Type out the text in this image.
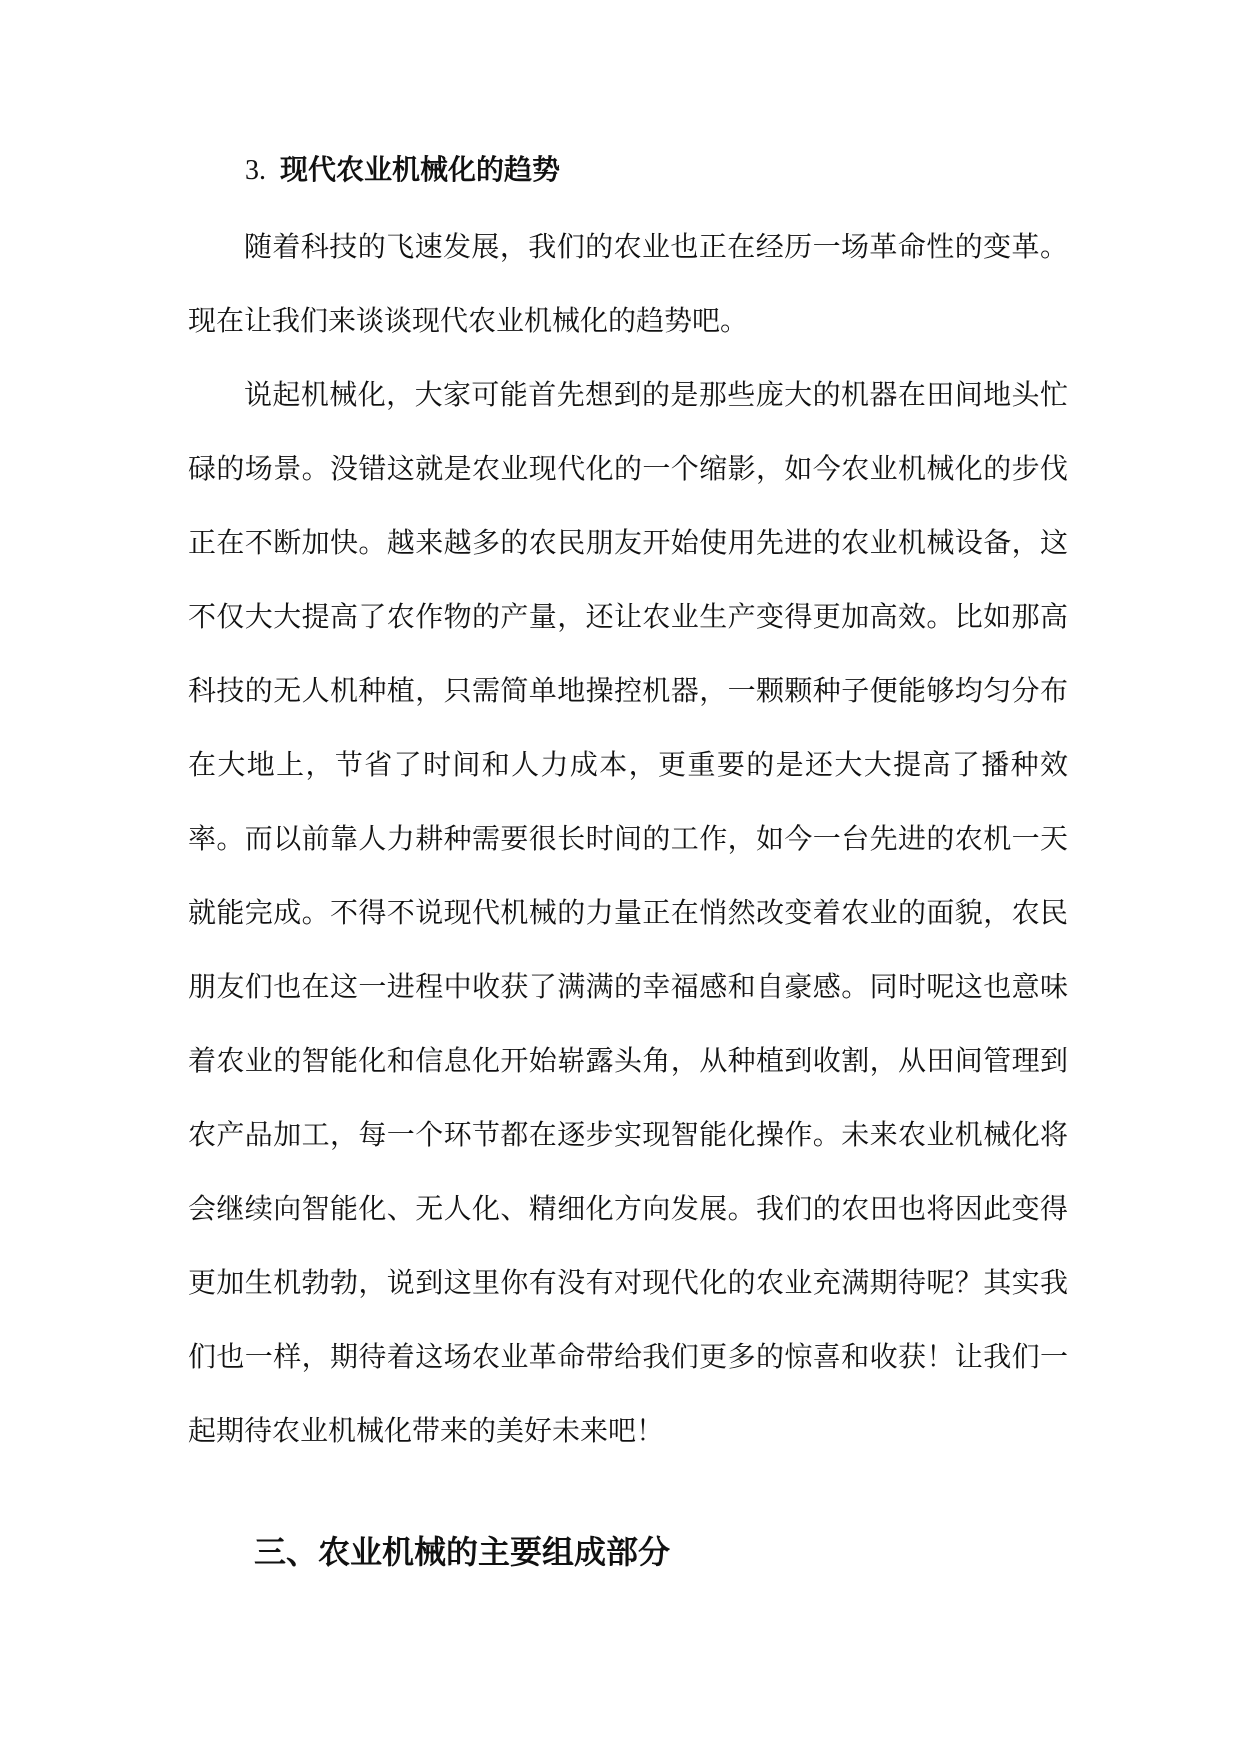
3. 现代农业机械化的趋势

随着科技的飞速发展，我们的农业也正在经历一场革命性的变革。现在让我们来谈谈现代农业机械化的趋势吧。

说起机械化，大家可能首先想到的是那些庞大的机器在田间地头忙碌的场景。没错这就是农业现代化的一个缩影，如今农业机械化的步伐正在不断加快。越来越多的农民朋友开始使用先进的农业机械设备，这不仅大大提高了农作物的产量，还让农业生产变得更加高效。比如那高科技的无人机种植，只需简单地操控机器，一颗颗种子便能够均匀分布在大地上，节省了时间和人力成本，更重要的是还大大提高了播种效率。而以前靠人力耕种需要很长时间的工作，如今一台先进的农机一天就能完成。不得不说现代机械的力量正在悄然改变着农业的面貌，农民朋友们也在这一进程中收获了满满的幸福感和自豪感。同时呢这也意味着农业的智能化和信息化开始崭露头角，从种植到收割，从田间管理到农产品加工，每一个环节都在逐步实现智能化操作。未来农业机械化将会继续向智能化、无人化、精细化方向发展。我们的农田也将因此变得更加生机勃勃，说到这里你有没有对现代化的农业充满期待呢？其实我们也一样，期待着这场农业革命带给我们更多的惊喜和收获！让我们一起期待农业机械化带来的美好未来吧！

三、农业机械的主要组成部分
